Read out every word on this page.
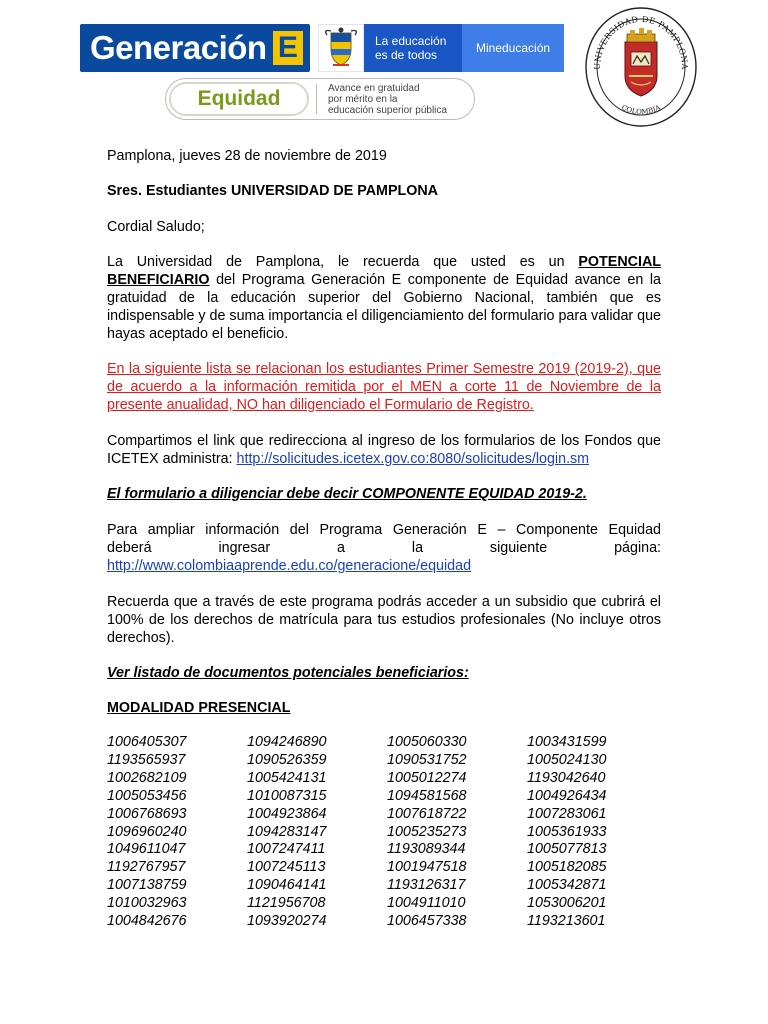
Generación E	La educación
es de todos	Mineducación
Equidad	Avance en gratuidad
por mérito en la
educación superior pública
UNIVERSIDAD DE PAMPLONA
COLOMBIA
Pamplona, jueves 28 de noviembre de 2019
Sres. Estudiantes UNIVERSIDAD DE PAMPLONA
Cordial Saludo;
La Universidad de Pamplona, le recuerda que usted es un POTENCIAL BENEFICIARIO del Programa Generación E componente de Equidad avance en la gratuidad de la educación superior del Gobierno Nacional, también que es indispensable y de suma importancia el diligenciamiento del formulario para validar que hayas aceptado el beneficio.
En la siguiente lista se relacionan los estudiantes Primer Semestre 2019 (2019-2), que de acuerdo a la información remitida por el MEN a corte 11 de Noviembre de la presente anualidad, NO han diligenciado el Formulario de Registro.
Compartimos el link que redirecciona al ingreso de los formularios de los Fondos que ICETEX administra: http://solicitudes.icetex.gov.co:8080/solicitudes/login.sm
El formulario a diligenciar debe decir COMPONENTE EQUIDAD 2019-2.
Para ampliar información del Programa Generación E – Componente Equidad
deberá ingresar a la siguiente página:
http://www.colombiaaprende.edu.co/generacione/equidad
Recuerda que a través de este programa podrás acceder a un subsidio que cubrirá el 100% de los derechos de matrícula para tus estudios profesionales (No incluye otros derechos).
Ver listado de documentos potenciales beneficiarios:
MODALIDAD PRESENCIAL
1006405307	1094246890	1005060330	1003431599
1193565937	1090526359	1090531752	1005024130
1002682109	1005424131	1005012274	1193042640
1005053456	1010087315	1094581568	1004926434
1006768693	1004923864	1007618722	1007283061
1096960240	1094283147	1005235273	1005361933
1049611047	1007247411	1193089344	1005077813
1192767957	1007245113	1001947518	1005182085
1007138759	1090464141	1193126317	1005342871
1010032963	1121956708	1004911010	1053006201
1004842676	1093920274	1006457338	1193213601
